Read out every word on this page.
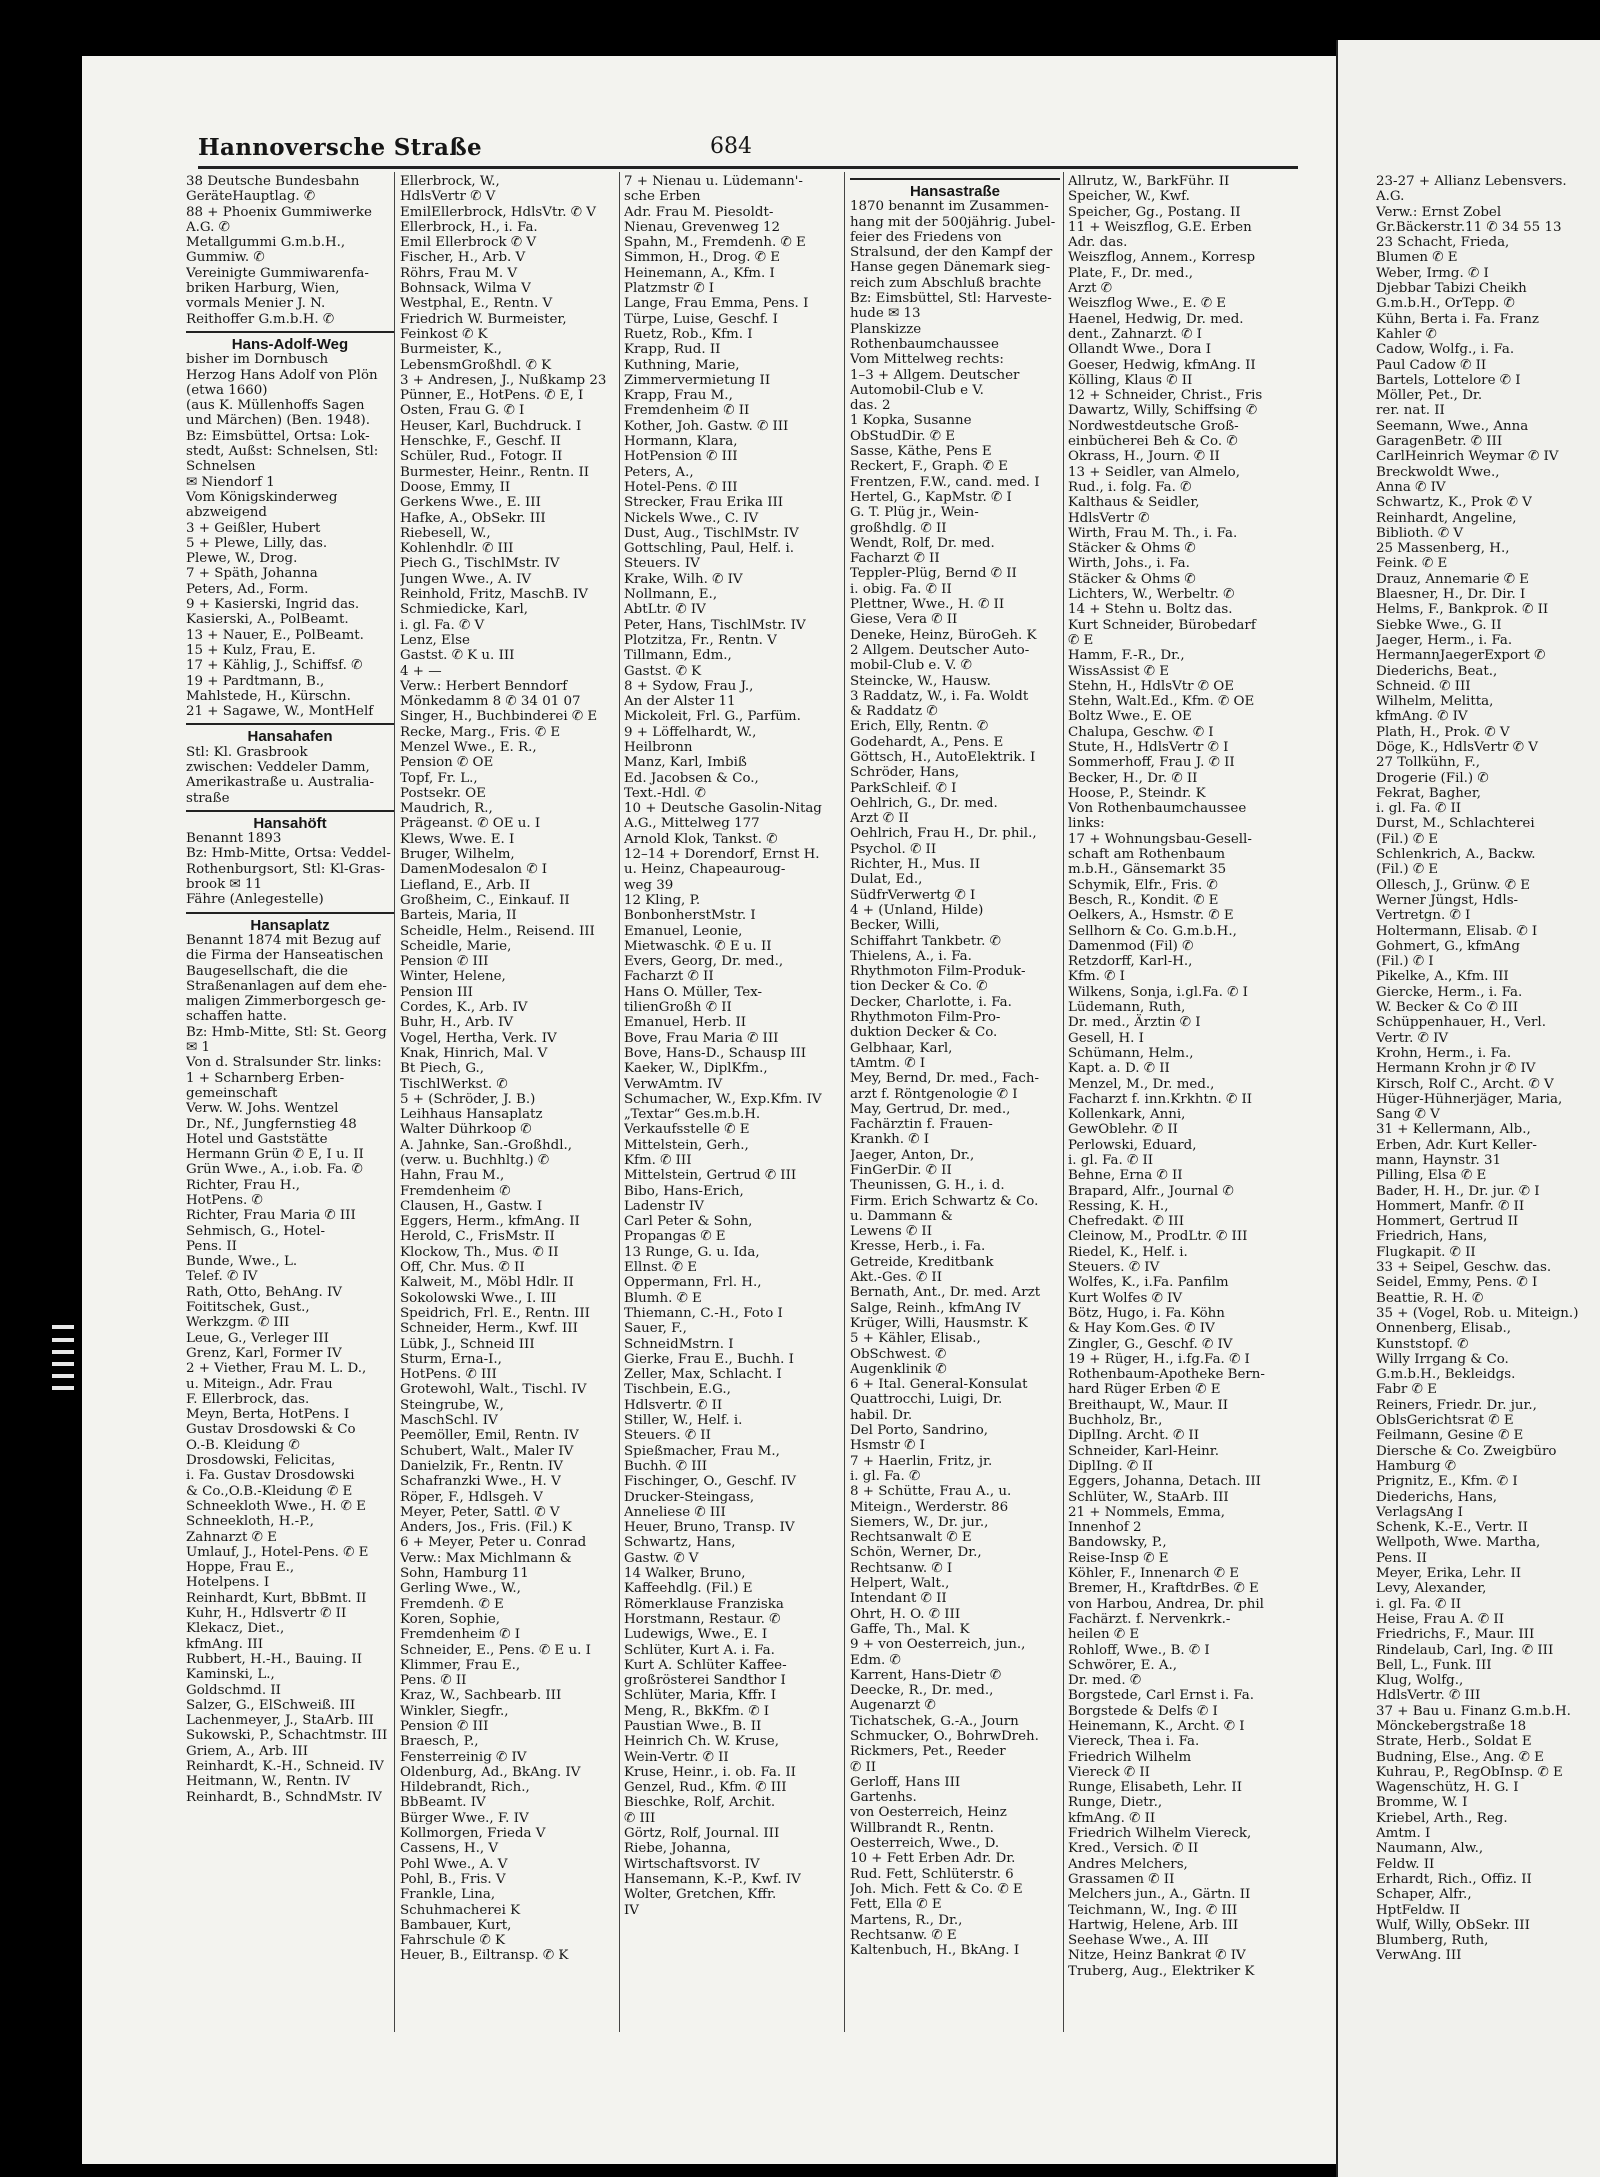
Hannoversche Straße	684

38 Deutsche Bundesbahn

GeräteHauptlag. ✆

88 + Phoenix Gummiwerke

A.G. ✆

Metallgummi G.m.b.H.,

Gummiw. ✆

Vereinigte Gummiwarenfa-

briken Harburg, Wien,

vormals Menier J. N.

Reithoffer G.m.b.H. ✆

Hans-Adolf-Weg

bisher im Dornbusch

Herzog Hans Adolf von Plön

(etwa 1660)

(aus K. Müllenhoffs Sagen

und Märchen) (Ben. 1948).

Bz: Eimsbüttel, Ortsa: Lok-

stedt, Außst: Schnelsen, Stl:

Schnelsen

✉ Niendorf 1

Vom Königskinderweg

abzweigend

3 + Geißler, Hubert

5 + Plewe, Lilly, das.

Plewe, W., Drog.

7 + Späth, Johanna

Peters, Ad., Form.

9 + Kasierski, Ingrid das.

Kasierski, A., PolBeamt.

13 + Nauer, E., PolBeamt.

15 + Kulz, Frau, E.

17 + Kählig, J., Schiffsf. ✆

19 + Pardtmann, B.,

Mahlstede, H., Kürschn.

21 + Sagawe, W., MontHelf

Hansahafen

Stl: Kl. Grasbrook

zwischen: Veddeler Damm,

Amerikastraße u. Australia-

straße

Hansahöft

Benannt 1893

Bz: Hmb-Mitte, Ortsa: Veddel-

Rothenburgsort, Stl: Kl-Gras-

brook ✉ 11

Fähre (Anlegestelle)

Hansaplatz

Benannt 1874 mit Bezug auf

die Firma der Hanseatischen

Baugesellschaft, die die

Straßenanlagen auf dem ehe-

maligen Zimmerborgesch ge-

schaffen hatte.

Bz: Hmb-Mitte, Stl: St. Georg

✉ 1

Von d. Stralsunder Str. links:

1 + Scharnberg Erben-

gemeinschaft

Verw. W. Johs. Wentzel

Dr., Nf., Jungfernstieg 48

Hotel und Gaststätte

Hermann Grün ✆ E, I u. II

Grün Wwe., A., i.ob. Fa. ✆

Richter, Frau H.,

HotPens. ✆

Richter, Frau Maria ✆ III

Sehmisch, G., Hotel-

Pens. II

Bunde, Wwe., L.

Telef. ✆ IV

Rath, Otto, BehAng. IV

Foititschek, Gust.,

Werkzgm. ✆ III

Leue, G., Verleger III

Grenz, Karl, Former IV

2 + Viether, Frau M. L. D.,

u. Miteign., Adr. Frau

F. Ellerbrock, das.

Meyn, Berta, HotPens. I

Gustav Drosdowski & Co

O.-B. Kleidung ✆

Drosdowski, Felicitas,

i. Fa. Gustav Drosdowski

& Co.,O.B.-Kleidung ✆ E

Schneekloth Wwe., H. ✆ E

Schneekloth, H.-P.,

Zahnarzt ✆ E

Umlauf, J., Hotel-Pens. ✆ E

Hoppe, Frau E.,

Hotelpens. I

Reinhardt, Kurt, BbBmt. II

Kuhr, H., Hdlsvertr ✆ II

Klekacz, Diet.,

kfmAng. III

Rubbert, H.-H., Bauing. II

Kaminski, L.,

Goldschmd. II

Salzer, G., ElSchweiß. III

Lachenmeyer, J., StaArb. III

Sukowski, P., Schachtmstr. III

Griem, A., Arb. III

Reinhardt, K.-H., Schneid. IV

Heitmann, W., Rentn. IV

Reinhardt, B., SchndMstr. IV

Ellerbrock, W.,

HdlsVertr ✆ V

EmilEllerbrock, HdlsVtr. ✆ V

Ellerbrock, H., i. Fa.

Emil Ellerbrock ✆ V

Fischer, H., Arb. V

Röhrs, Frau M. V

Bohnsack, Wilma V

Westphal, E., Rentn. V

Friedrich W. Burmeister,

Feinkost ✆ K

Burmeister, K.,

LebensmGroßhdl. ✆ K

3 + Andresen, J., Nußkamp 23

Pünner, E., HotPens. ✆ E, I

Osten, Frau G. ✆ I

Heuser, Karl, Buchdruck. I

Henschke, F., Geschf. II

Schüler, Rud., Fotogr. II

Burmester, Heinr., Rentn. II

Doose, Emmy, II

Gerkens Wwe., E. III

Hafke, A., ObSekr. III

Riebesell, W.,

Kohlenhdlr. ✆ III

Piech G., TischlMstr. IV

Jungen Wwe., A. IV

Reinhold, Fritz, MaschB. IV

Schmiedicke, Karl,

i. gl. Fa. ✆ V

Lenz, Else

Gastst. ✆ K u. III

4 + —

Verw.: Herbert Benndorf

Mönkedamm 8 ✆ 34 01 07

Singer, H., Buchbinderei ✆ E

Recke, Marg., Fris. ✆ E

Menzel Wwe., E. R.,

Pension ✆ OE

Topf, Fr. L.,

Postsekr. OE

Maudrich, R.,

Prägeanst. ✆ OE u. I

Klews, Wwe. E. I

Bruger, Wilhelm,

DamenModesalon ✆ I

Liefland, E., Arb. II

Großheim, C., Einkauf. II

Barteis, Maria, II

Scheidle, Helm., Reisend. III

Scheidle, Marie,

Pension ✆ III

Winter, Helene,

Pension III

Cordes, K., Arb. IV

Buhr, H., Arb. IV

Vogel, Hertha, Verk. IV

Knak, Hinrich, Mal. V

Bt Piech, G.,

TischlWerkst. ✆

5 + (Schröder, J. B.)

Leihhaus Hansaplatz

Walter Dührkoop ✆

A. Jahnke, San.-Großhdl.,

(verw. u. Buchhltg.) ✆

Hahn, Frau M.,

Fremdenheim ✆

Clausen, H., Gastw. I

Eggers, Herm., kfmAng. II

Herold, C., FrisMstr. II

Klockow, Th., Mus. ✆ II

Off, Chr. Mus. ✆ II

Kalweit, M., Möbl Hdlr. II

Sokolowski Wwe., I. III

Speidrich, Frl. E., Rentn. III

Schneider, Herm., Kwf. III

Lübk, J., Schneid III

Sturm, Erna-I.,

HotPens. ✆ III

Grotewohl, Walt., Tischl. IV

Steingrube, W.,

MaschSchl. IV

Peemöller, Emil, Rentn. IV

Schubert, Walt., Maler IV

Danielzik, Fr., Rentn. IV

Schafranzki Wwe., H. V

Röper, F., Hdlsgeh. V

Meyer, Peter, Sattl. ✆ V

Anders, Jos., Fris. (Fil.) K

6 + Meyer, Peter u. Conrad

Verw.: Max Michlmann &

Sohn, Hamburg 11

Gerling Wwe., W.,

Fremdenh. ✆ E

Koren, Sophie,

Fremdenheim ✆ I

Schneider, E., Pens. ✆ E u. I

Klimmer, Frau E.,

Pens. ✆ II

Kraz, W., Sachbearb. III

Winkler, Siegfr.,

Pension ✆ III

Braesch, P.,

Fensterreinig ✆ IV

Oldenburg, Ad., BkAng. IV

Hildebrandt, Rich.,

BbBeamt. IV

Bürger Wwe., F. IV

Kollmorgen, Frieda V

Cassens, H., V

Pohl Wwe., A. V

Pohl, B., Fris. V

Frankle, Lina,

Schuhmacherei K

Bambauer, Kurt,

Fahrschule ✆ K

Heuer, B., Eiltransp. ✆ K

7 + Nienau u. Lüdemann'-

sche Erben

Adr. Frau M. Piesoldt-

Nienau, Grevenweg 12

Spahn, M., Fremdenh. ✆ E

Simmon, H., Drog. ✆ E

Heinemann, A., Kfm. I

Platzmstr ✆ I

Lange, Frau Emma, Pens. I

Türpe, Luise, Geschf. I

Ruetz, Rob., Kfm. I

Krapp, Rud. II

Kuthning, Marie,

Zimmervermietung II

Krapp, Frau M.,

Fremdenheim ✆ II

Kother, Joh. Gastw. ✆ III

Hormann, Klara,

HotPension ✆ III

Peters, A.,

Hotel-Pens. ✆ III

Strecker, Frau Erika III

Nickels Wwe., C. IV

Dust, Aug., TischlMstr. IV

Gottschling, Paul, Helf. i.

Steuers. IV

Krake, Wilh. ✆ IV

Nollmann, E.,

AbtLtr. ✆ IV

Peter, Hans, TischlMstr. IV

Plotzitza, Fr., Rentn. V

Tillmann, Edm.,

Gastst. ✆ K

8 + Sydow, Frau J.,

An der Alster 11

Mickoleit, Frl. G., Parfüm.

9 + Löffelhardt, W.,

Heilbronn

Manz, Karl, Imbiß

Ed. Jacobsen & Co.,

Text.-Hdl. ✆

10 + Deutsche Gasolin-Nitag

A.G., Mittelweg 177

Arnold Klok, Tankst. ✆

12–14 + Dorendorf, Ernst H.

u. Heinz, Chapeauroug-

weg 39

12 Kling, P.

BonbonherstMstr. I

Emanuel, Leonie,

Mietwaschk. ✆ E u. II

Evers, Georg, Dr. med.,

Facharzt ✆ II

Hans O. Müller, Tex-

tilienGroßh ✆ II

Emanuel, Herb. II

Bove, Frau Maria ✆ III

Bove, Hans-D., Schausp III

Kaeker, W., DiplKfm.,

VerwAmtm. IV

Schumacher, W., Exp.Kfm. IV

„Textar“ Ges.m.b.H.

Verkaufsstelle ✆ E

Mittelstein, Gerh.,

Kfm. ✆ III

Mittelstein, Gertrud ✆ III

Bibo, Hans-Erich,

Ladenstr IV

Carl Peter & Sohn,

Propangas ✆ E

13 Runge, G. u. Ida,

Ellnst. ✆ E

Oppermann, Frl. H.,

Blumh. ✆ E

Thiemann, C.-H., Foto I

Sauer, F.,

SchneidMstrn. I

Gierke, Frau E., Buchh. I

Zeller, Max, Schlacht. I

Tischbein, E.G.,

Hdlsvertr. ✆ II

Stiller, W., Helf. i.

Steuers. ✆ II

Spießmacher, Frau M.,

Buchh. ✆ III

Fischinger, O., Geschf. IV

Drucker-Steingass,

Anneliese ✆ III

Heuer, Bruno, Transp. IV

Schwartz, Hans,

Gastw. ✆ V

14 Walker, Bruno,

Kaffeehdlg. (Fil.) E

Römerklause Franziska

Horstmann, Restaur. ✆

Ludewigs, Wwe., E. I

Schlüter, Kurt A. i. Fa.

Kurt A. Schlüter Kaffee-

großrösterei Sandthor I

Schlüter, Maria, Kffr. I

Meng, R., BkKfm. ✆ I

Paustian Wwe., B. II

Heinrich Ch. W. Kruse,

Wein-Vertr. ✆ II

Kruse, Heinr., i. ob. Fa. II

Genzel, Rud., Kfm. ✆ III

Bieschke, Rolf, Archit.

✆ III

Görtz, Rolf, Journal. III

Riebe, Johanna,

Wirtschaftsvorst. IV

Hansemann, K.-P., Kwf. IV

Wolter, Gretchen, Kffr.

IV

Hansastraße

1870 benannt im Zusammen-

hang mit der 500jährig. Jubel-

feier des Friedens von

Stralsund, der den Kampf der

Hanse gegen Dänemark sieg-

reich zum Abschluß brachte

Bz: Eimsbüttel, Stl: Harveste-

hude ✉ 13

Planskizze

Rothenbaumchaussee

Vom Mittelweg rechts:

1–3 + Allgem. Deutscher

Automobil-Club e V.

das. 2

1 Kopka, Susanne

ObStudDir. ✆ E

Sasse, Käthe, Pens E

Reckert, F., Graph. ✆ E

Frentzen, F.W., cand. med. I

Hertel, G., KapMstr. ✆ I

G. T. Plüg jr., Wein-

großhdlg. ✆ II

Wendt, Rolf, Dr. med.

Facharzt ✆ II

Teppler-Plüg, Bernd ✆ II

i. obig. Fa. ✆ II

Plettner, Wwe., H. ✆ II

Giese, Vera ✆ II

Deneke, Heinz, BüroGeh. K

2 Allgem. Deutscher Auto-

mobil-Club e. V. ✆

Steincke, W., Hausw.

3 Raddatz, W., i. Fa. Woldt

& Raddatz ✆

Erich, Elly, Rentn. ✆

Godehardt, A., Pens. E

Göttsch, H., AutoElektrik. I

Schröder, Hans,

ParkSchleif. ✆ I

Oehlrich, G., Dr. med.

Arzt ✆ II

Oehlrich, Frau H., Dr. phil.,

Psychol. ✆ II

Richter, H., Mus. II

Dulat, Ed.,

SüdfrVerwertg ✆ I

4 + (Unland, Hilde)

Becker, Willi,

Schiffahrt Tankbetr. ✆

Thielens, A., i. Fa.

Rhythmoton Film-Produk-

tion Decker & Co. ✆

Decker, Charlotte, i. Fa.

Rhythmoton Film-Pro-

duktion Decker & Co.

Gelbhaar, Karl,

tAmtm. ✆ I

Mey, Bernd, Dr. med., Fach-

arzt f. Röntgenologie ✆ I

May, Gertrud, Dr. med.,

Fachärztin f. Frauen-

Krankh. ✆ I

Jaeger, Anton, Dr.,

FinGerDir. ✆ II

Theunissen, G. H., i. d.

Firm. Erich Schwartz & Co.

u. Dammann &

Lewens ✆ II

Kresse, Herb., i. Fa.

Getreide, Kreditbank

Akt.-Ges. ✆ II

Bernath, Ant., Dr. med. Arzt

Salge, Reinh., kfmAng IV

Krüger, Willi, Hausmstr. K

5 + Kähler, Elisab.,

ObSchwest. ✆

Augenklinik ✆

6 + Ital. General-Konsulat

Quattrocchi, Luigi, Dr.

habil. Dr.

Del Porto, Sandrino,

Hsmstr ✆ I

7 + Haerlin, Fritz, jr.

i. gl. Fa. ✆

8 + Schütte, Frau A., u.

Miteign., Werderstr. 86

Siemers, W., Dr. jur.,

Rechtsanwalt ✆ E

Schön, Werner, Dr.,

Rechtsanw. ✆ I

Helpert, Walt.,

Intendant ✆ II

Ohrt, H. O. ✆ III

Gaffe, Th., Mal. K

9 + von Oesterreich, jun.,

Edm. ✆

Karrent, Hans-Dietr ✆

Deecke, R., Dr. med.,

Augenarzt ✆

Tichatschek, G.-A., Journ

Schmucker, O., BohrwDreh.

Rickmers, Pet., Reeder

✆ II

Gerloff, Hans III

Gartenhs.

von Oesterreich, Heinz

Willbrandt R., Rentn.

Oesterreich, Wwe., D.

10 + Fett Erben Adr. Dr.

Rud. Fett, Schlüterstr. 6

Joh. Mich. Fett & Co. ✆ E

Fett, Ella ✆ E

Martens, R., Dr.,

Rechtsanw. ✆ E

Kaltenbuch, H., BkAng. I

Allrutz, W., BarkFühr. II

Speicher, W., Kwf.

Speicher, Gg., Postang. II

11 + Weiszflog, G.E. Erben

Adr. das.

Weiszflog, Annem., Korresp

Plate, F., Dr. med.,

Arzt ✆

Weiszflog Wwe., E. ✆ E

Haenel, Hedwig, Dr. med.

dent., Zahnarzt. ✆ I

Ollandt Wwe., Dora I

Goeser, Hedwig, kfmAng. II

Kölling, Klaus ✆ II

12 + Schneider, Christ., Fris

Dawartz, Willy, Schiffsing ✆

Nordwestdeutsche Groß-

einbücherei Beh & Co. ✆

Okrass, H., Journ. ✆ II

13 + Seidler, van Almelo,

Rud., i. folg. Fa. ✆

Kalthaus & Seidler,

HdlsVertr ✆

Wirth, Frau M. Th., i. Fa.

Stäcker & Ohms ✆

Wirth, Johs., i. Fa.

Stäcker & Ohms ✆

Lichters, W., Werbeltr. ✆

14 + Stehn u. Boltz das.

Kurt Schneider, Bürobedarf

✆ E

Hamm, F.-R., Dr.,

WissAssist ✆ E

Stehn, H., HdlsVtr ✆ OE

Stehn, Walt.Ed., Kfm. ✆ OE

Boltz Wwe., E. OE

Chalupa, Geschw. ✆ I

Stute, H., HdlsVertr ✆ I

Sommerhoff, Frau J. ✆ II

Becker, H., Dr. ✆ II

Hoose, P., Steindr. K

Von Rothenbaumchaussee

links:

17 + Wohnungsbau-Gesell-

schaft am Rothenbaum

m.b.H., Gänsemarkt 35

Schymik, Elfr., Fris. ✆

Besch, R., Kondit. ✆ E

Oelkers, A., Hsmstr. ✆ E

Sellhorn & Co. G.m.b.H.,

Damenmod (Fil) ✆

Retzdorff, Karl-H.,

Kfm. ✆ I

Wilkens, Sonja, i.gl.Fa. ✆ I

Lüdemann, Ruth,

Dr. med., Ärztin ✆ I

Gesell, H. I

Schümann, Helm.,

Kapt. a. D. ✆ II

Menzel, M., Dr. med.,

Facharzt f. inn.Krkhtn. ✆ II

Kollenkark, Anni,

GewOblehr. ✆ II

Perlowski, Eduard,

i. gl. Fa. ✆ II

Behne, Erna ✆ II

Brapard, Alfr., Journal ✆

Ressing, K. H.,

Chefredakt. ✆ III

Cleinow, M., ProdLtr. ✆ III

Riedel, K., Helf. i.

Steuers. ✆ IV

Wolfes, K., i.Fa. Panfilm

Kurt Wolfes ✆ IV

Bötz, Hugo, i. Fa. Köhn

& Hay Kom.Ges. ✆ IV

Zingler, G., Geschf. ✆ IV

19 + Rüger, H., i.fg.Fa. ✆ I

Rothenbaum-Apotheke Bern-

hard Rüger Erben ✆ E

Breithaupt, W., Maur. II

Buchholz, Br.,

DiplIng. Archt. ✆ II

Schneider, Karl-Heinr.

DiplIng. ✆ II

Eggers, Johanna, Detach. III

Schlüter, W., StaArb. III

21 + Nommels, Emma,

Innenhof 2

Bandowsky, P.,

Reise-Insp ✆ E

Köhler, F., Innenarch ✆ E

Bremer, H., KraftdrBes. ✆ E

von Harbou, Andrea, Dr. phil

Fachärzt. f. Nervenkrk.-

heilen ✆ E

Rohloff, Wwe., B. ✆ I

Schwörer, E. A.,

Dr. med. ✆

Borgstede, Carl Ernst i. Fa.

Borgstede & Delfs ✆ I

Heinemann, K., Archt. ✆ I

Viereck, Thea i. Fa.

Friedrich Wilhelm

Viereck ✆ II

Runge, Elisabeth, Lehr. II

Runge, Dietr.,

kfmAng. ✆ II

Friedrich Wilhelm Viereck,

Kred., Versich. ✆ II

Andres Melchers,

Grassamen ✆ II

Melchers jun., A., Gärtn. II

Teichmann, W., Ing. ✆ III

Hartwig, Helene, Arb. III

Seehase Wwe., A. III

Nitze, Heinz Bankrat ✆ IV

Truberg, Aug., Elektriker K

23-27 + Allianz Lebensvers.

A.G.

Verw.: Ernst Zobel

Gr.Bäckerstr.11 ✆ 34 55 13

23 Schacht, Frieda,

Blumen ✆ E

Weber, Irmg. ✆ I

Djebbar Tabizi Cheikh

G.m.b.H., OrTepp. ✆

Kühn, Berta i. Fa. Franz

Kahler ✆

Cadow, Wolfg., i. Fa.

Paul Cadow ✆ II

Bartels, Lottelore ✆ I

Möller, Pet., Dr.

rer. nat. II

Seemann, Wwe., Anna

GaragenBetr. ✆ III

CarlHeinrich Weymar ✆ IV

Breckwoldt Wwe.,

Anna ✆ IV

Schwartz, K., Prok ✆ V

Reinhardt, Angeline,

Biblioth. ✆ V

25 Massenberg, H.,

Feink. ✆ E

Drauz, Annemarie ✆ E

Blaesner, H., Dr. Dir. I

Helms, F., Bankprok. ✆ II

Siebke Wwe., G. II

Jaeger, Herm., i. Fa.

HermannJaegerExport ✆

Diederichs, Beat.,

Schneid. ✆ III

Wilhelm, Melitta,

kfmAng. ✆ IV

Plath, H., Prok. ✆ V

Döge, K., HdlsVertr ✆ V

27 Tollkühn, F.,

Drogerie (Fil.) ✆

Fekrat, Bagher,

i. gl. Fa. ✆ II

Durst, M., Schlachterei

(Fil.) ✆ E

Schlenkrich, A., Backw.

(Fil.) ✆ E

Ollesch, J., Grünw. ✆ E

Werner Jüngst, Hdls-

Vertretgn. ✆ I

Holtermann, Elisab. ✆ I

Gohmert, G., kfmAng

(Fil.) ✆ I

Pikelke, A., Kfm. III

Giercke, Herm., i. Fa.

W. Becker & Co ✆ III

Schüppenhauer, H., Verl.

Vertr. ✆ IV

Krohn, Herm., i. Fa.

Hermann Krohn jr ✆ IV

Kirsch, Rolf C., Archt. ✆ V

Hüger-Hühnerjäger, Maria,

Sang ✆ V

31 + Kellermann, Alb.,

Erben, Adr. Kurt Keller-

mann, Haynstr. 31

Pilling, Elsa ✆ E

Bader, H. H., Dr. jur. ✆ I

Hommert, Manfr. ✆ II

Hommert, Gertrud II

Friedrich, Hans,

Flugkapit. ✆ II

33 + Seipel, Geschw. das.

Seidel, Emmy, Pens. ✆ I

Beattie, R. H. ✆

35 + (Vogel, Rob. u. Miteign.)

Onnenberg, Elisab.,

Kunststopf. ✆

Willy Irrgang & Co.

G.m.b.H., Bekleidgs.

Fabr ✆ E

Reiners, Friedr. Dr. jur.,

OblsGerichtsrat ✆ E

Feilmann, Gesine ✆ E

Diersche & Co. Zweigbüro

Hamburg ✆

Prignitz, E., Kfm. ✆ I

Diederichs, Hans,

VerlagsAng I

Schenk, K.-E., Vertr. II

Wellpoth, Wwe. Martha,

Pens. II

Meyer, Erika, Lehr. II

Levy, Alexander,

i. gl. Fa. ✆ II

Heise, Frau A. ✆ II

Friedrichs, F., Maur. III

Rindelaub, Carl, Ing. ✆ III

Bell, L., Funk. III

Klug, Wolfg.,

HdlsVertr. ✆ III

37 + Bau u. Finanz G.m.b.H.

Mönckebergstraße 18

Strate, Herb., Soldat E

Budning, Else., Ang. ✆ E

Kuhrau, P., RegObInsp. ✆ E

Wagenschütz, H. G. I

Bromme, W. I

Kriebel, Arth., Reg.

Amtm. I

Naumann, Alw.,

Feldw. II

Erhardt, Rich., Offiz. II

Schaper, Alfr.,

HptFeldw. II

Wulf, Willy, ObSekr. III

Blumberg, Ruth,

VerwAng. III
